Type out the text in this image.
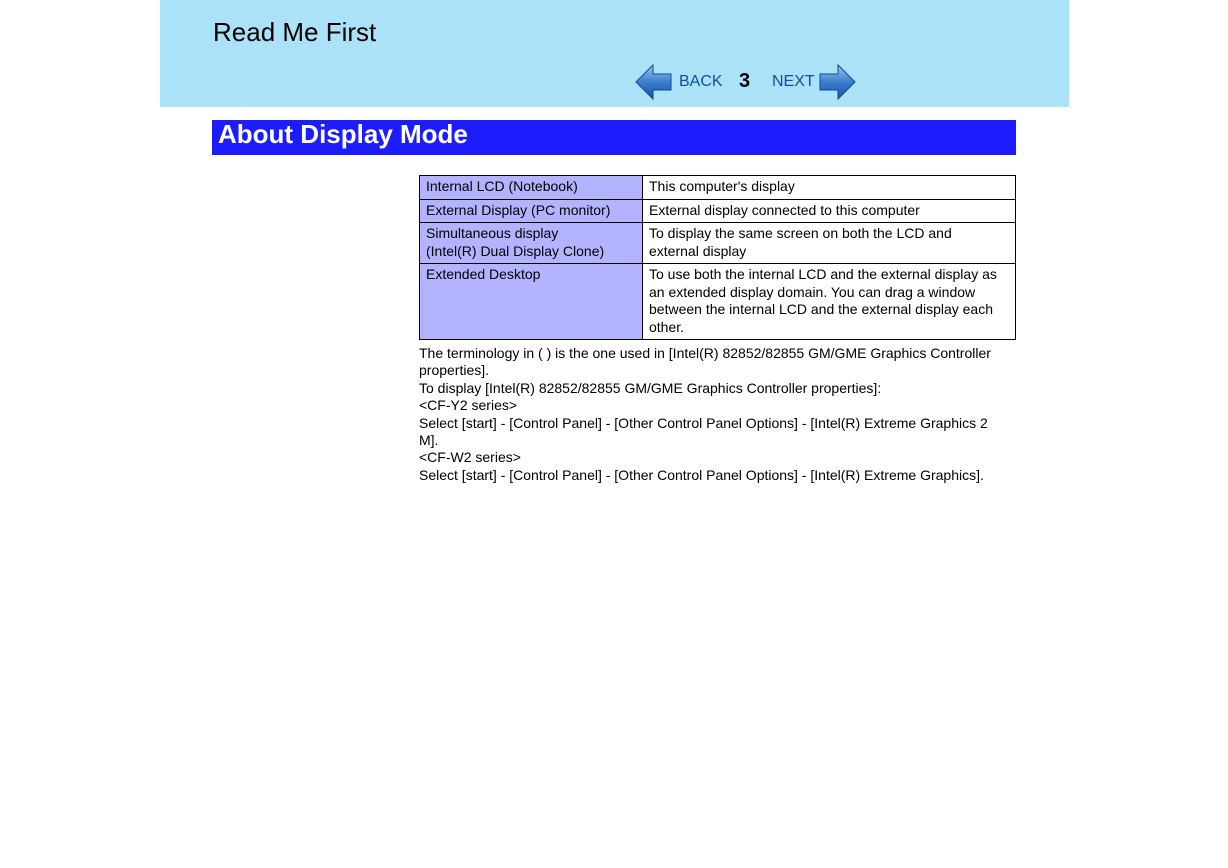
Read Me First
BACK 3 NEXT
About Display Mode
Internal LCD (Notebook)	This computer's display
External Display (PC monitor)	External display connected to this computer
Simultaneous display
(Intel(R) Dual Display Clone)	To display the same screen on both the LCD and
external display
Extended Desktop	To use both the internal LCD and the external display as
an extended display domain. You can drag a window
between the internal LCD and the external display each
other.

The terminology in ( ) is the one used in [Intel(R) 82852/82855 GM/GME Graphics Controller

properties].

To display [Intel(R) 82852/82855 GM/GME Graphics Controller properties]:

<CF-Y2 series>

Select [start] - [Control Panel] - [Other Control Panel Options] - [Intel(R) Extreme Graphics 2

M].

<CF-W2 series>

Select [start] - [Control Panel] - [Other Control Panel Options] - [Intel(R) Extreme Graphics].
